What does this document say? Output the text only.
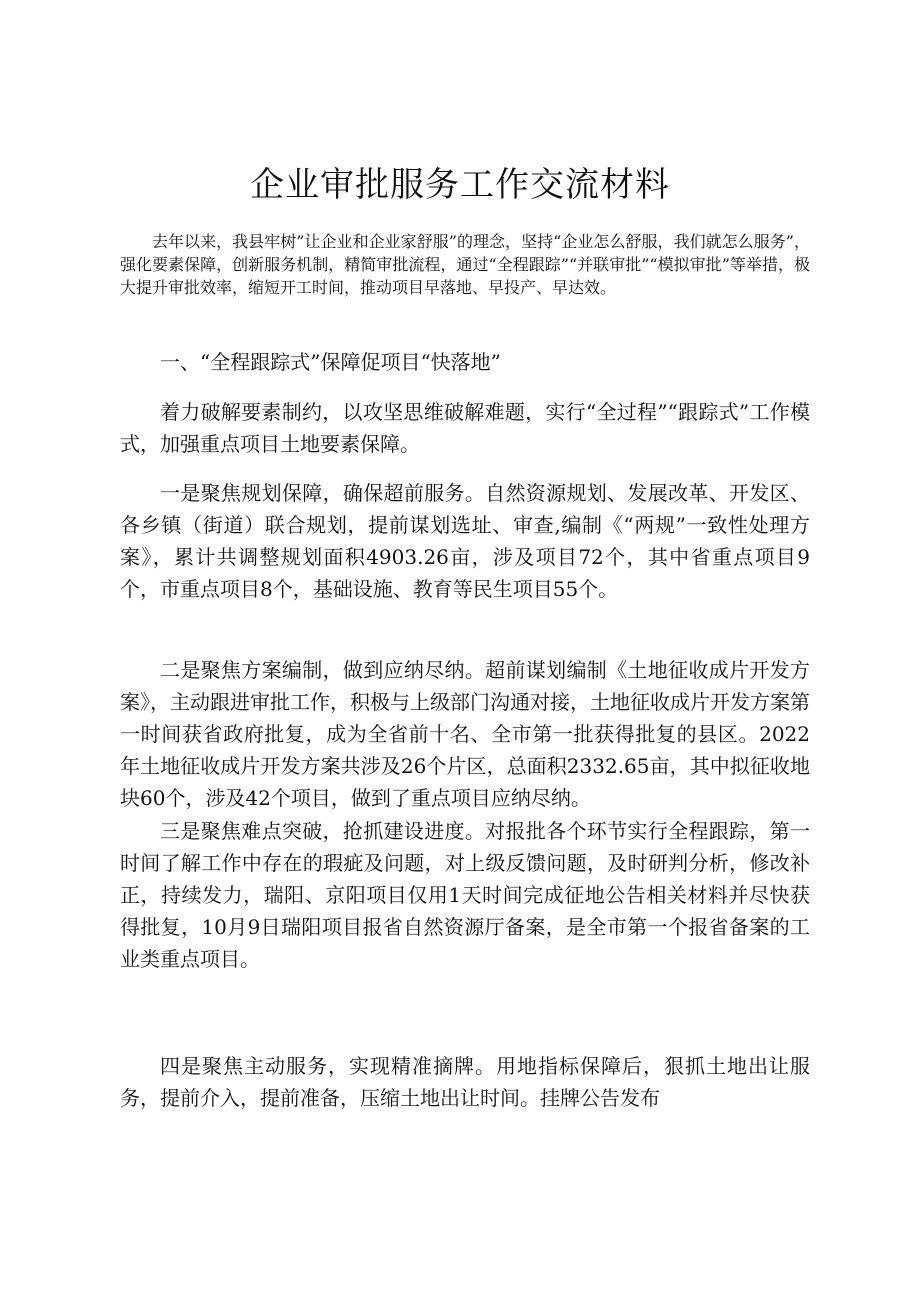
企业审批服务工作交流材料

去年以来，我县牢树”让企业和企业家舒服”的理念，坚持“企业怎么舒服，我们就怎么服务”，强化要素保障，创新服务机制，精简审批流程，通过“全程跟踪”“并联审批”“模拟审批”等举措，极大提升审批效率，缩短开工时间，推动项目早落地、早投产、早达效。

一、“全程跟踪式”保障促项目“快落地”

着力破解要素制约，以攻坚思维破解难题，实行“全过程”“跟踪式”工作模式，加强重点项目土地要素保障。

一是聚焦规划保障，确保超前服务。自然资源规划、发展改革、开发区、各乡镇（街道）联合规划，提前谋划选址、审查,编制《“两规”一致性处理方案》，累计共调整规划面积4903.26亩，涉及项目72个，其中省重点项目9个，市重点项目8个，基础设施、教育等民生项目55个。

二是聚焦方案编制，做到应纳尽纳。超前谋划编制《土地征收成片开发方案》，主动跟进审批工作，积极与上级部门沟通对接，土地征收成片开发方案第一时间获省政府批复，成为全省前十名、全市第一批获得批复的县区。2022年土地征收成片开发方案共涉及26个片区，总面积2332.65亩，其中拟征收地块60个，涉及42个项目，做到了重点项目应纳尽纳。

三是聚焦难点突破，抢抓建设进度。对报批各个环节实行全程跟踪，第一时间了解工作中存在的瑕疵及问题，对上级反馈问题，及时研判分析，修改补正，持续发力，瑞阳、京阳项目仅用1天时间完成征地公告相关材料并尽快获得批复，10月9日瑞阳项目报省自然资源厅备案，是全市第一个报省备案的工业类重点项目。

四是聚焦主动服务，实现精准摘牌。用地指标保障后，狠抓土地出让服务，提前介入，提前准备，压缩土地出让时间。挂牌公告发布
